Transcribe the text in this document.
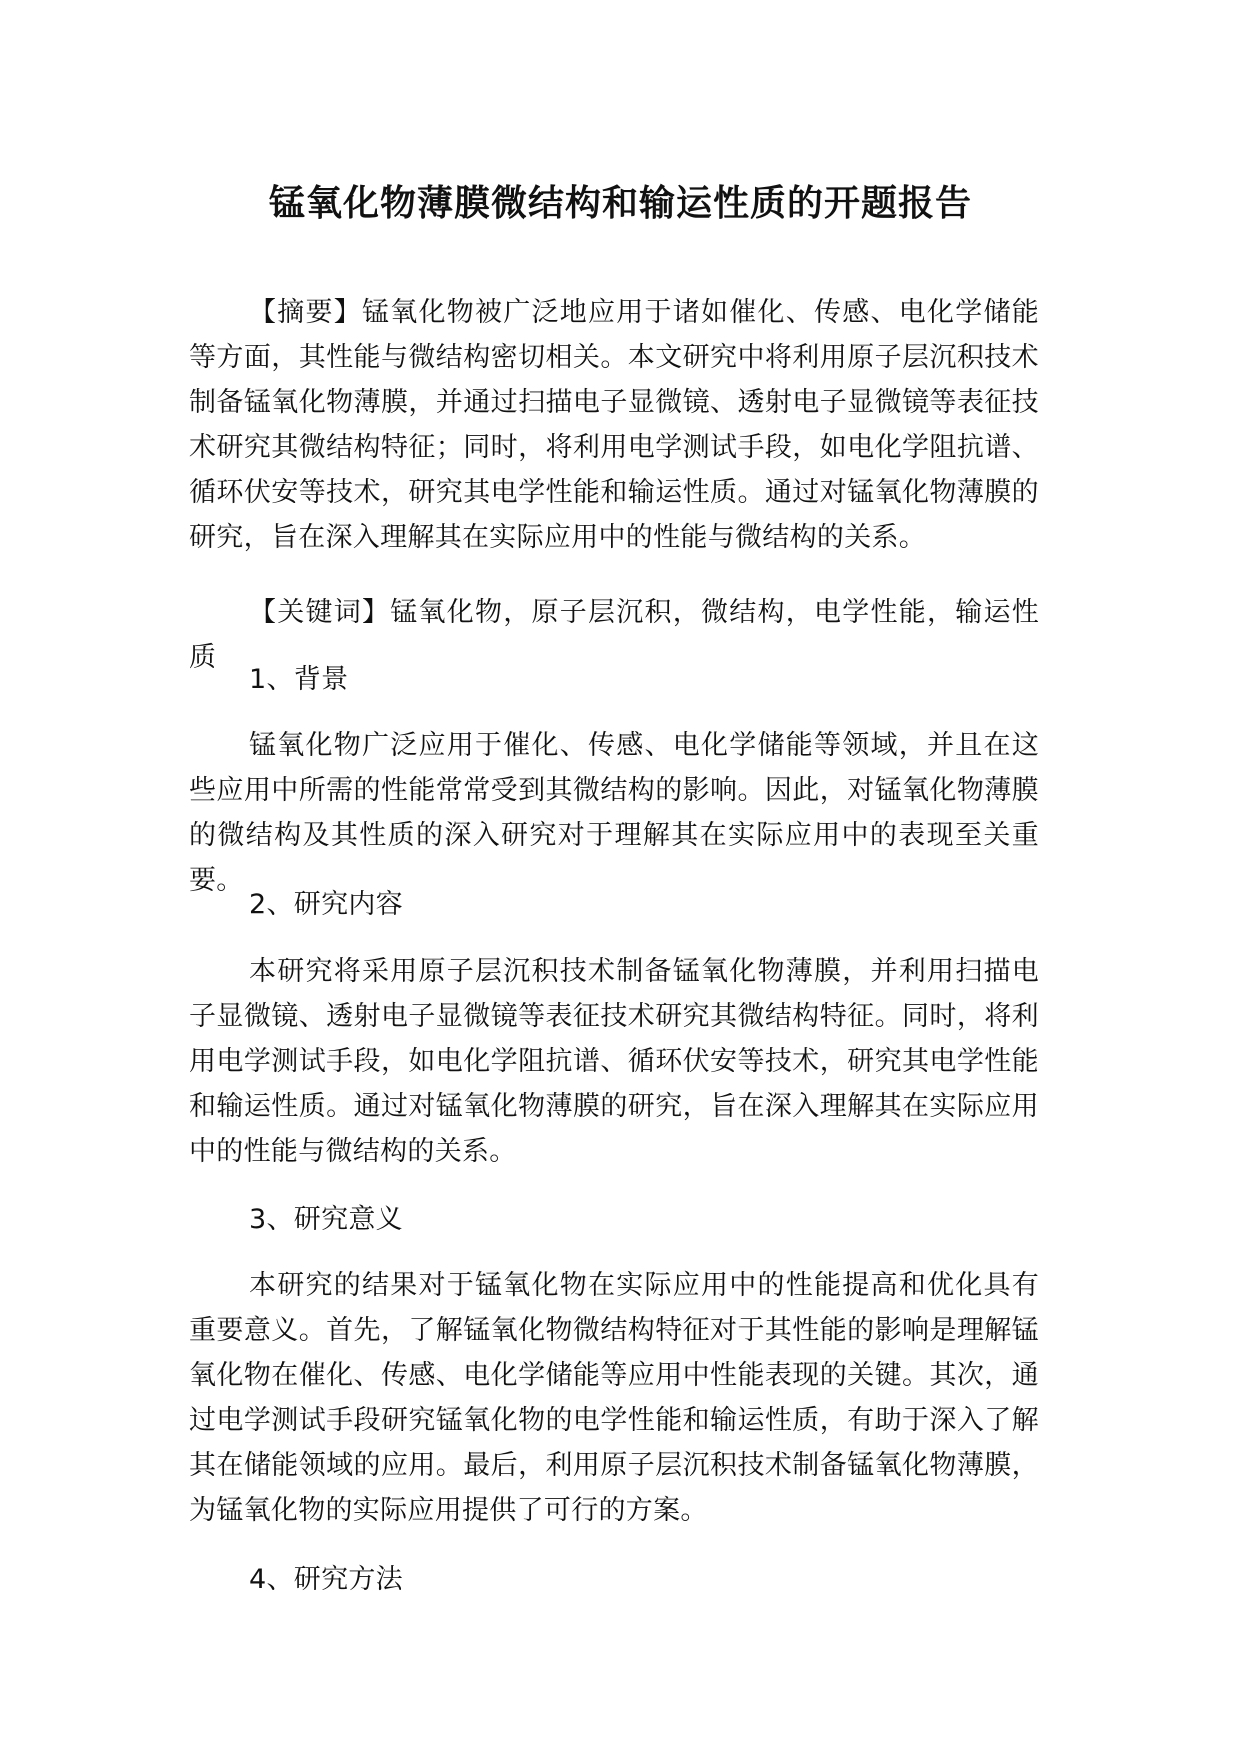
锰氧化物薄膜微结构和输运性质的开题报告

【摘要】锰氧化物被广泛地应用于诸如催化、传感、电化学储能等方面，其性能与微结构密切相关。本文研究中将利用原子层沉积技术制备锰氧化物薄膜，并通过扫描电子显微镜、透射电子显微镜等表征技术研究其微结构特征；同时，将利用电学测试手段，如电化学阻抗谱、循环伏安等技术，研究其电学性能和输运性质。通过对锰氧化物薄膜的研究，旨在深入理解其在实际应用中的性能与微结构的关系。

【关键词】锰氧化物，原子层沉积，微结构，电学性能，输运性质

1、背景

锰氧化物广泛应用于催化、传感、电化学储能等领域，并且在这些应用中所需的性能常常受到其微结构的影响。因此，对锰氧化物薄膜的微结构及其性质的深入研究对于理解其在实际应用中的表现至关重要。

2、研究内容

本研究将采用原子层沉积技术制备锰氧化物薄膜，并利用扫描电子显微镜、透射电子显微镜等表征技术研究其微结构特征。同时，将利用电学测试手段，如电化学阻抗谱、循环伏安等技术，研究其电学性能和输运性质。通过对锰氧化物薄膜的研究，旨在深入理解其在实际应用中的性能与微结构的关系。

3、研究意义

本研究的结果对于锰氧化物在实际应用中的性能提高和优化具有重要意义。首先，了解锰氧化物微结构特征对于其性能的影响是理解锰氧化物在催化、传感、电化学储能等应用中性能表现的关键。其次，通过电学测试手段研究锰氧化物的电学性能和输运性质，有助于深入了解其在储能领域的应用。最后，利用原子层沉积技术制备锰氧化物薄膜，为锰氧化物的实际应用提供了可行的方案。

4、研究方法
